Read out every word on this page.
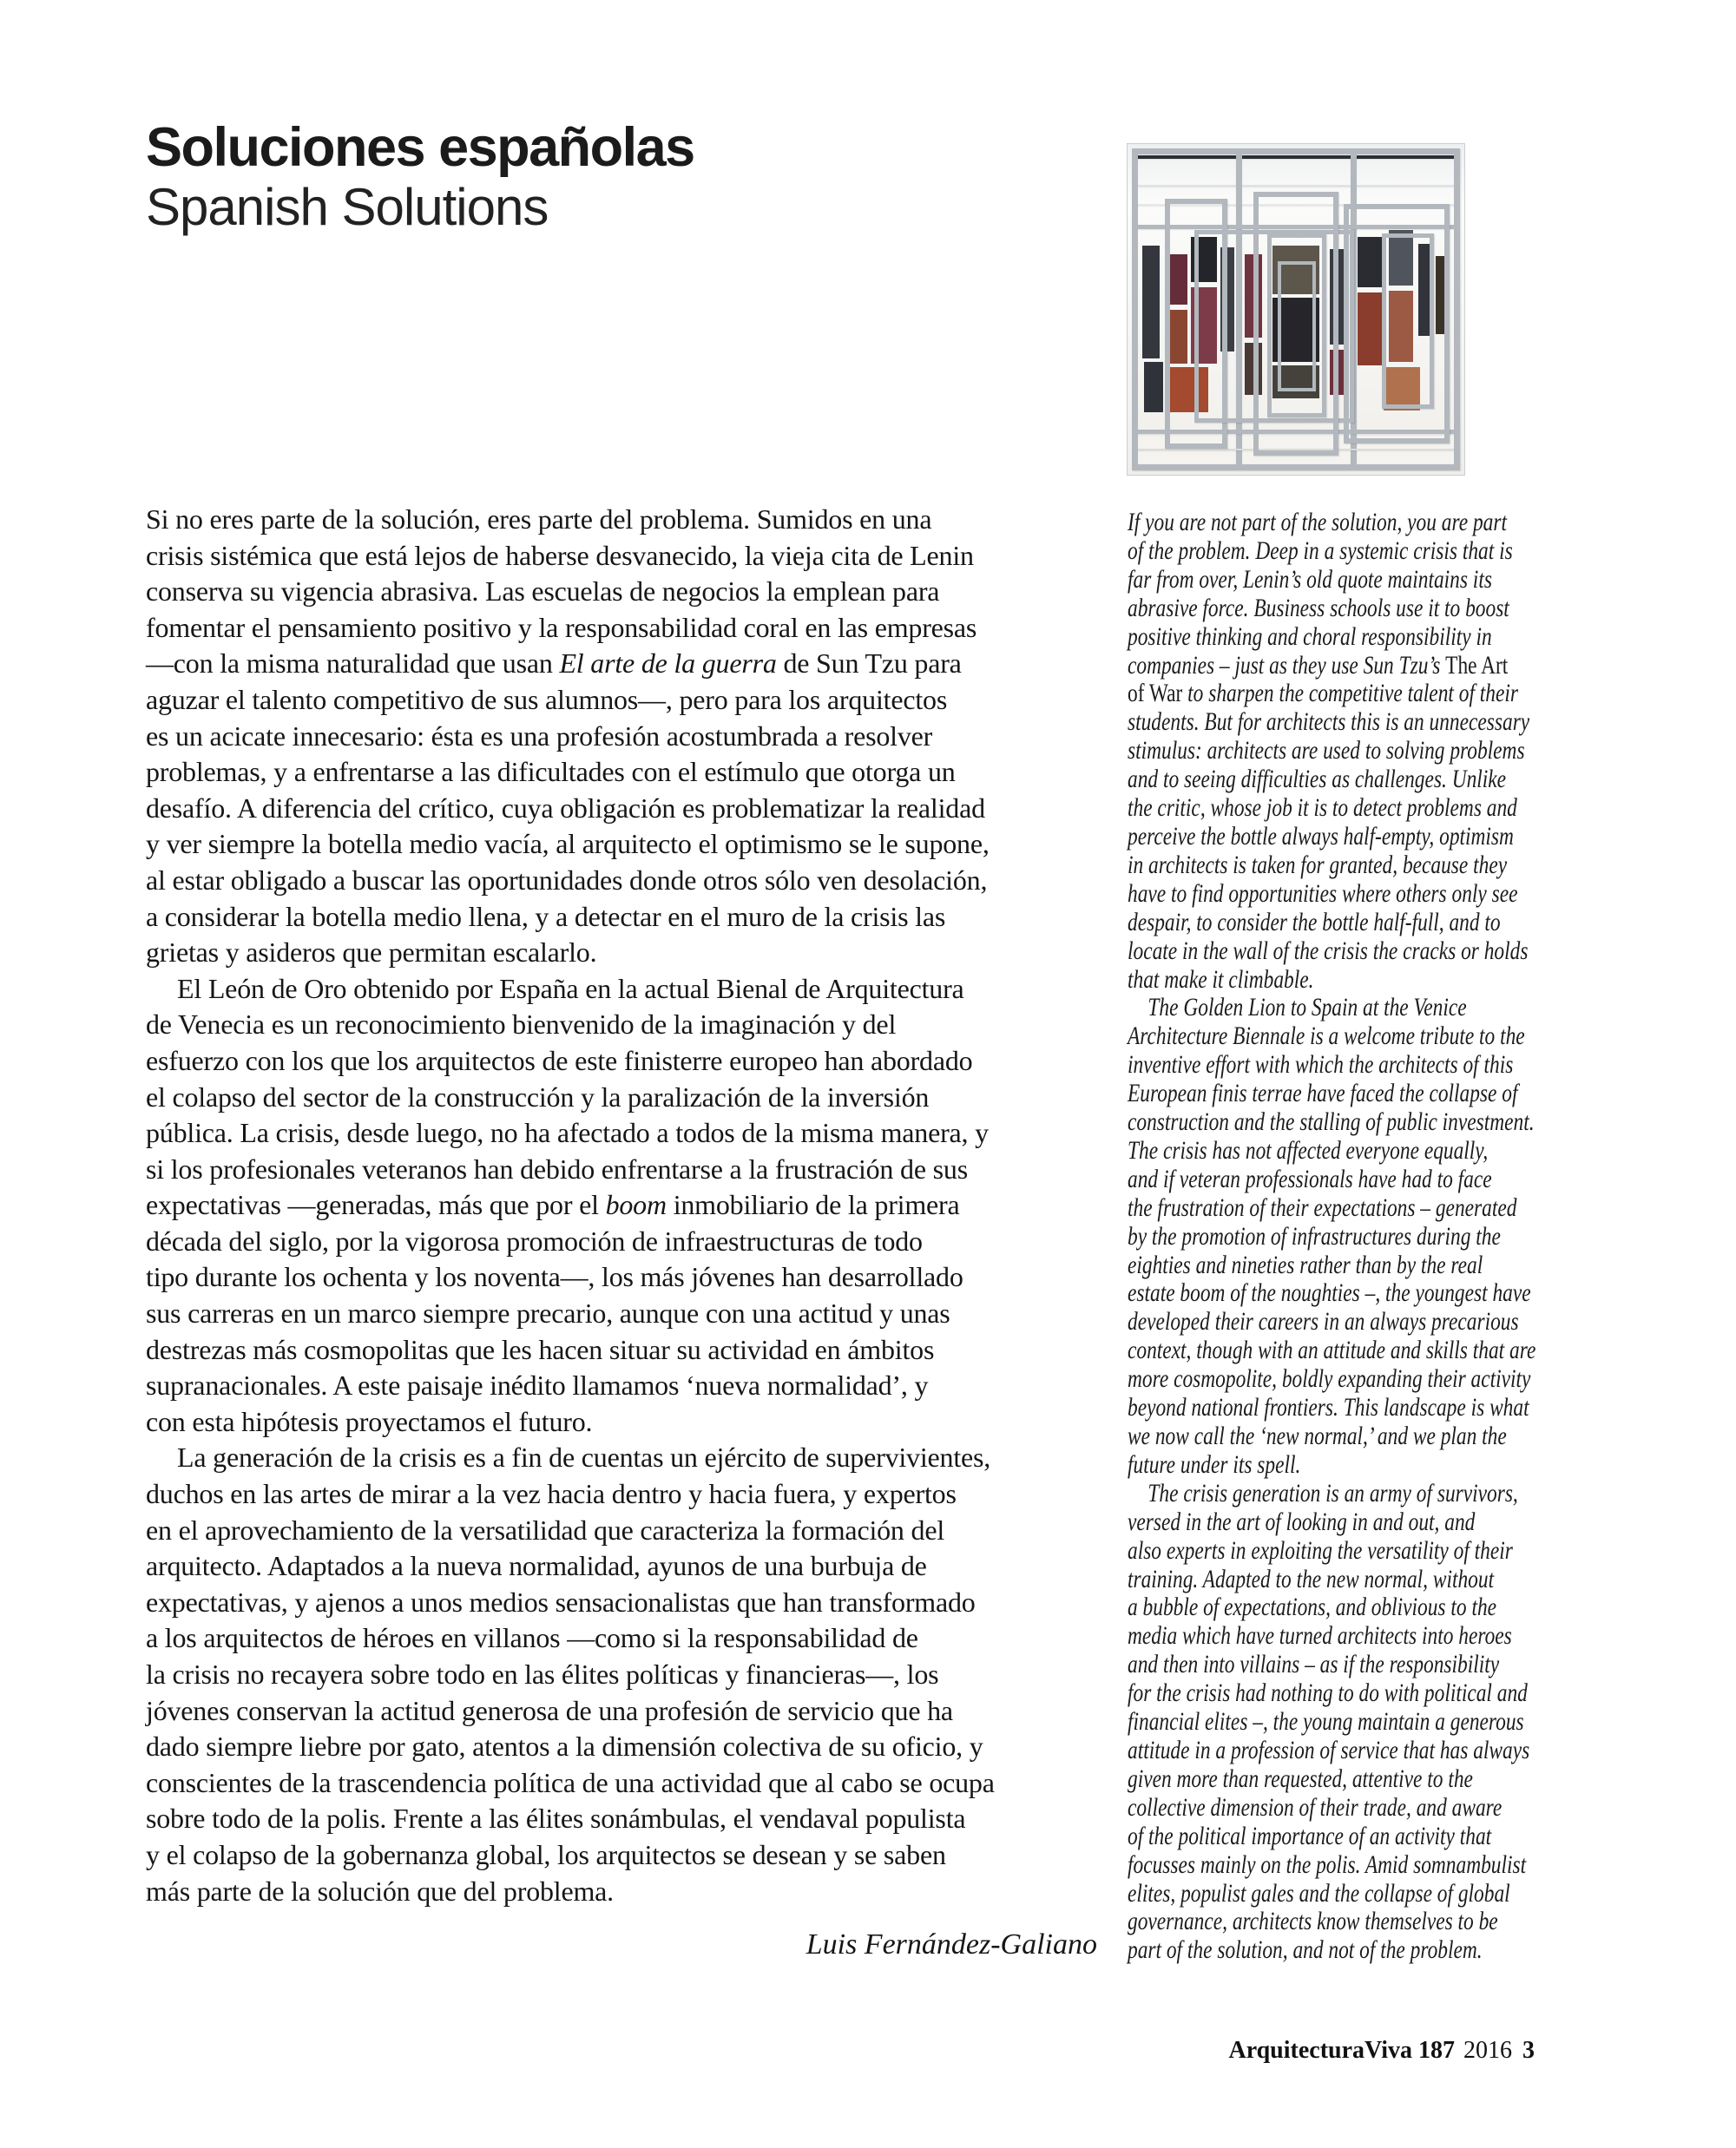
Soluciones españolas
Spanish Solutions
Si no eres parte de la solución, eres parte del problema. Sumidos en una
crisis sistémica que está lejos de haberse desvanecido, la vieja cita de Lenin
conserva su vigencia abrasiva. Las escuelas de negocios la emplean para
fomentar el pensamiento positivo y la responsabilidad coral en las empresas
—con la misma naturalidad que usan El arte de la guerra de Sun Tzu para
aguzar el talento competitivo de sus alumnos—, pero para los arquitectos
es un acicate innecesario: ésta es una profesión acostumbrada a resolver
problemas, y a enfrentarse a las dificultades con el estímulo que otorga un
desafío. A diferencia del crítico, cuya obligación es problematizar la realidad
y ver siempre la botella medio vacía, al arquitecto el optimismo se le supone,
al estar obligado a buscar las oportunidades donde otros sólo ven desolación,
a considerar la botella medio llena, y a detectar en el muro de la crisis las
grietas y asideros que permitan escalarlo.
El León de Oro obtenido por España en la actual Bienal de Arquitectura
de Venecia es un reconocimiento bienvenido de la imaginación y del
esfuerzo con los que los arquitectos de este finisterre europeo han abordado
el colapso del sector de la construcción y la paralización de la inversión
pública. La crisis, desde luego, no ha afectado a todos de la misma manera, y
si los profesionales veteranos han debido enfrentarse a la frustración de sus
expectativas —generadas, más que por el boom inmobiliario de la primera
década del siglo, por la vigorosa promoción de infraestructuras de todo
tipo durante los ochenta y los noventa—, los más jóvenes han desarrollado
sus carreras en un marco siempre precario, aunque con una actitud y unas
destrezas más cosmopolitas que les hacen situar su actividad en ámbitos
supranacionales. A este paisaje inédito llamamos ‘nueva normalidad’, y
con esta hipótesis proyectamos el futuro.
La generación de la crisis es a fin de cuentas un ejército de supervivientes,
duchos en las artes de mirar a la vez hacia dentro y hacia fuera, y expertos
en el aprovechamiento de la versatilidad que caracteriza la formación del
arquitecto. Adaptados a la nueva normalidad, ayunos de una burbuja de
expectativas, y ajenos a unos medios sensacionalistas que han transformado
a los arquitectos de héroes en villanos —como si la responsabilidad de
la crisis no recayera sobre todo en las élites políticas y financieras—, los
jóvenes conservan la actitud generosa de una profesión de servicio que ha
dado siempre liebre por gato, atentos a la dimensión colectiva de su oficio, y
conscientes de la trascendencia política de una actividad que al cabo se ocupa
sobre todo de la polis. Frente a las élites sonámbulas, el vendaval populista
y el colapso de la gobernanza global, los arquitectos se desean y se saben
más parte de la solución que del problema.
If you are not part of the solution, you are part
of the problem. Deep in a systemic crisis that is
far from over, Lenin’s old quote maintains its
abrasive force. Business schools use it to boost
positive thinking and choral responsibility in
companies – just as they use Sun Tzu’s The Art
of War to sharpen the competitive talent of their
students. But for architects this is an unnecessary
stimulus: architects are used to solving problems
and to seeing difficulties as challenges. Unlike
the critic, whose job it is to detect problems and
perceive the bottle always half-empty, optimism
in architects is taken for granted, because they
have to find opportunities where others only see
despair, to consider the bottle half-full, and to
locate in the wall of the crisis the cracks or holds
that make it climbable.
The Golden Lion to Spain at the Venice
Architecture Biennale is a welcome tribute to the
inventive effort with which the architects of this
European finis terrae have faced the collapse of
construction and the stalling of public investment.
The crisis has not affected everyone equally,
and if veteran professionals have had to face
the frustration of their expectations – generated
by the promotion of infrastructures during the
eighties and nineties rather than by the real
estate boom of the noughties –, the youngest have
developed their careers in an always precarious
context, though with an attitude and skills that are
more cosmopolite, boldly expanding their activity
beyond national frontiers. This landscape is what
we now call the ‘new normal,’ and we plan the
future under its spell.
The crisis generation is an army of survivors,
versed in the art of looking in and out, and
also experts in exploiting the versatility of their
training. Adapted to the new normal, without
a bubble of expectations, and oblivious to the
media which have turned architects into heroes
and then into villains – as if the responsibility
for the crisis had nothing to do with political and
financial elites –, the young maintain a generous
attitude in a profession of service that has always
given more than requested, attentive to the
collective dimension of their trade, and aware
of the political importance of an activity that
focusses mainly on the polis. Amid somnambulist
elites, populist gales and the collapse of global
governance, architects know themselves to be
part of the solution, and not of the problem.
Luis Fernández-Galiano
ArquitecturaViva 187 2016 3
